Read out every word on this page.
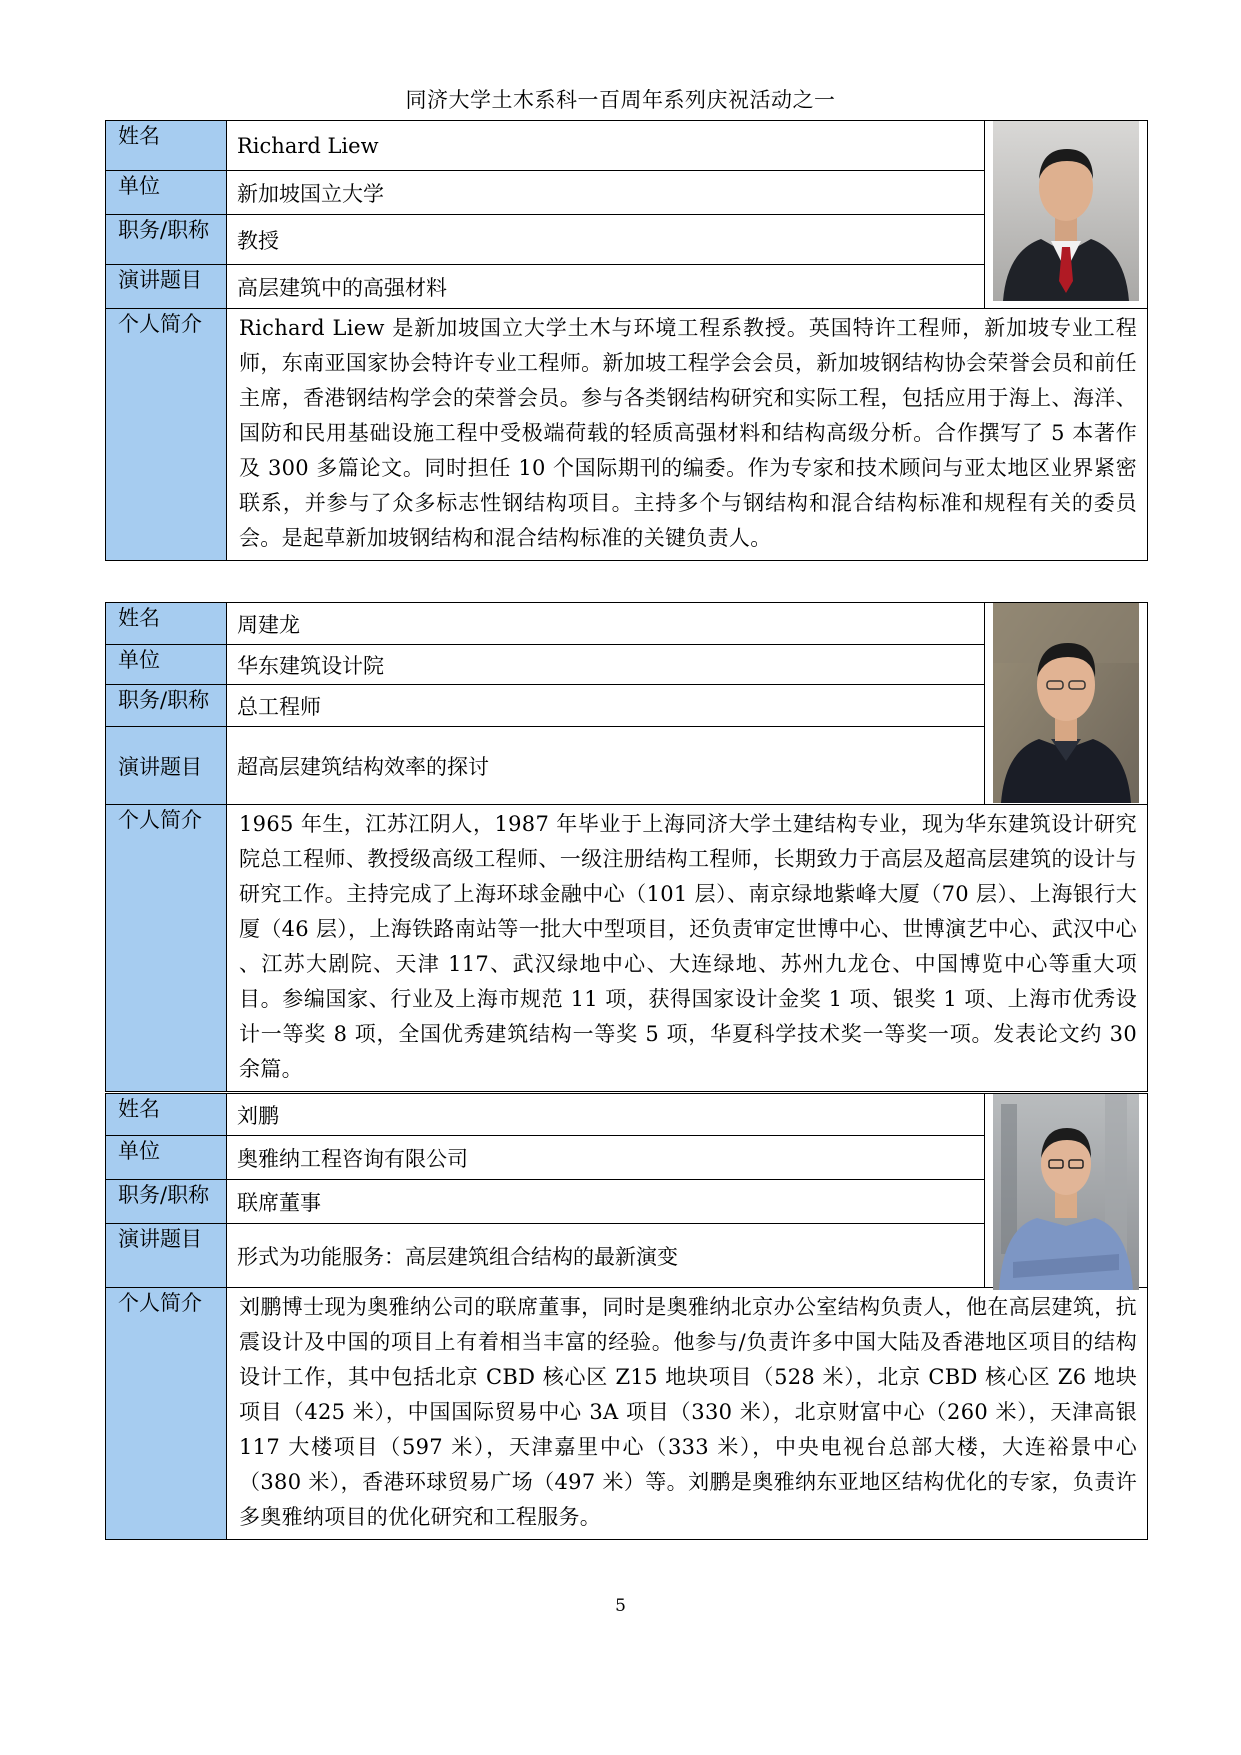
同济大学土木系科一百周年系列庆祝活动之一
姓名	Richard Liew	

单位	新加坡国立大学	
职务/职称	教授	
演讲题目	高层建筑中的高强材料	
个人简介	Richard Liew 是新加坡国立大学土木与环境工程系教授。英国特许工程师，新加坡专业工程师，东南亚国家协会特许专业工程师。新加坡工程学会会员，新加坡钢结构协会荣誉会员和前任主席，香港钢结构学会的荣誉会员。参与各类钢结构研究和实际工程，包括应用于海上、海洋、国防和民用基础设施工程中受极端荷载的轻质高强材料和结构高级分析。合作撰写了 5 本著作及 300 多篇论文。同时担任 10 个国际期刊的编委。作为专家和技术顾问与亚太地区业界紧密联系，并参与了众多标志性钢结构项目。主持多个与钢结构和混合结构标准和规程有关的委员会。是起草新加坡钢结构和混合结构标准的关键负责人。	
姓名	周建龙	

单位	华东建筑设计院	
职务/职称	总工程师	
演讲题目	超高层建筑结构效率的探讨	
个人简介	1965 年生，江苏江阴人，1987 年毕业于上海同济大学土建结构专业，现为华东建筑设计研究院总工程师、教授级高级工程师、一级注册结构工程师，长期致力于高层及超高层建筑的设计与研究工作。主持完成了上海环球金融中心（101 层）、南京绿地紫峰大厦（70 层）、上海银行大厦（46 层），上海铁路南站等一批大中型项目，还负责审定世博中心、世博演艺中心、武汉中心 、江苏大剧院、天津 117、武汉绿地中心、大连绿地、苏州九龙仓、中国博览中心等重大项目。参编国家、行业及上海市规范 11 项，获得国家设计金奖 1 项、银奖 1 项、上海市优秀设计一等奖 8 项，全国优秀建筑结构一等奖 5 项，华夏科学技术奖一等奖一项。发表论文约 30 余篇。	
姓名	刘鹏	

单位	奥雅纳工程咨询有限公司	
职务/职称	联席董事	
演讲题目	形式为功能服务：高层建筑组合结构的最新演变	
个人简介	刘鹏博士现为奥雅纳公司的联席董事，同时是奥雅纳北京办公室结构负责人，他在高层建筑，抗震设计及中国的项目上有着相当丰富的经验。他参与/负责许多中国大陆及香港地区项目的结构设计工作，其中包括北京 CBD 核心区 Z15 地块项目（528 米），北京 CBD 核心区 Z6 地块项目（425 米），中国国际贸易中心 3A 项目（330 米），北京财富中心（260 米），天津高银 117 大楼项目（597 米），天津嘉里中心（333 米），中央电视台总部大楼，大连裕景中心（380 米），香港环球贸易广场（497 米）等。刘鹏是奥雅纳东亚地区结构优化的专家，负责许多奥雅纳项目的优化研究和工程服务。	
5
